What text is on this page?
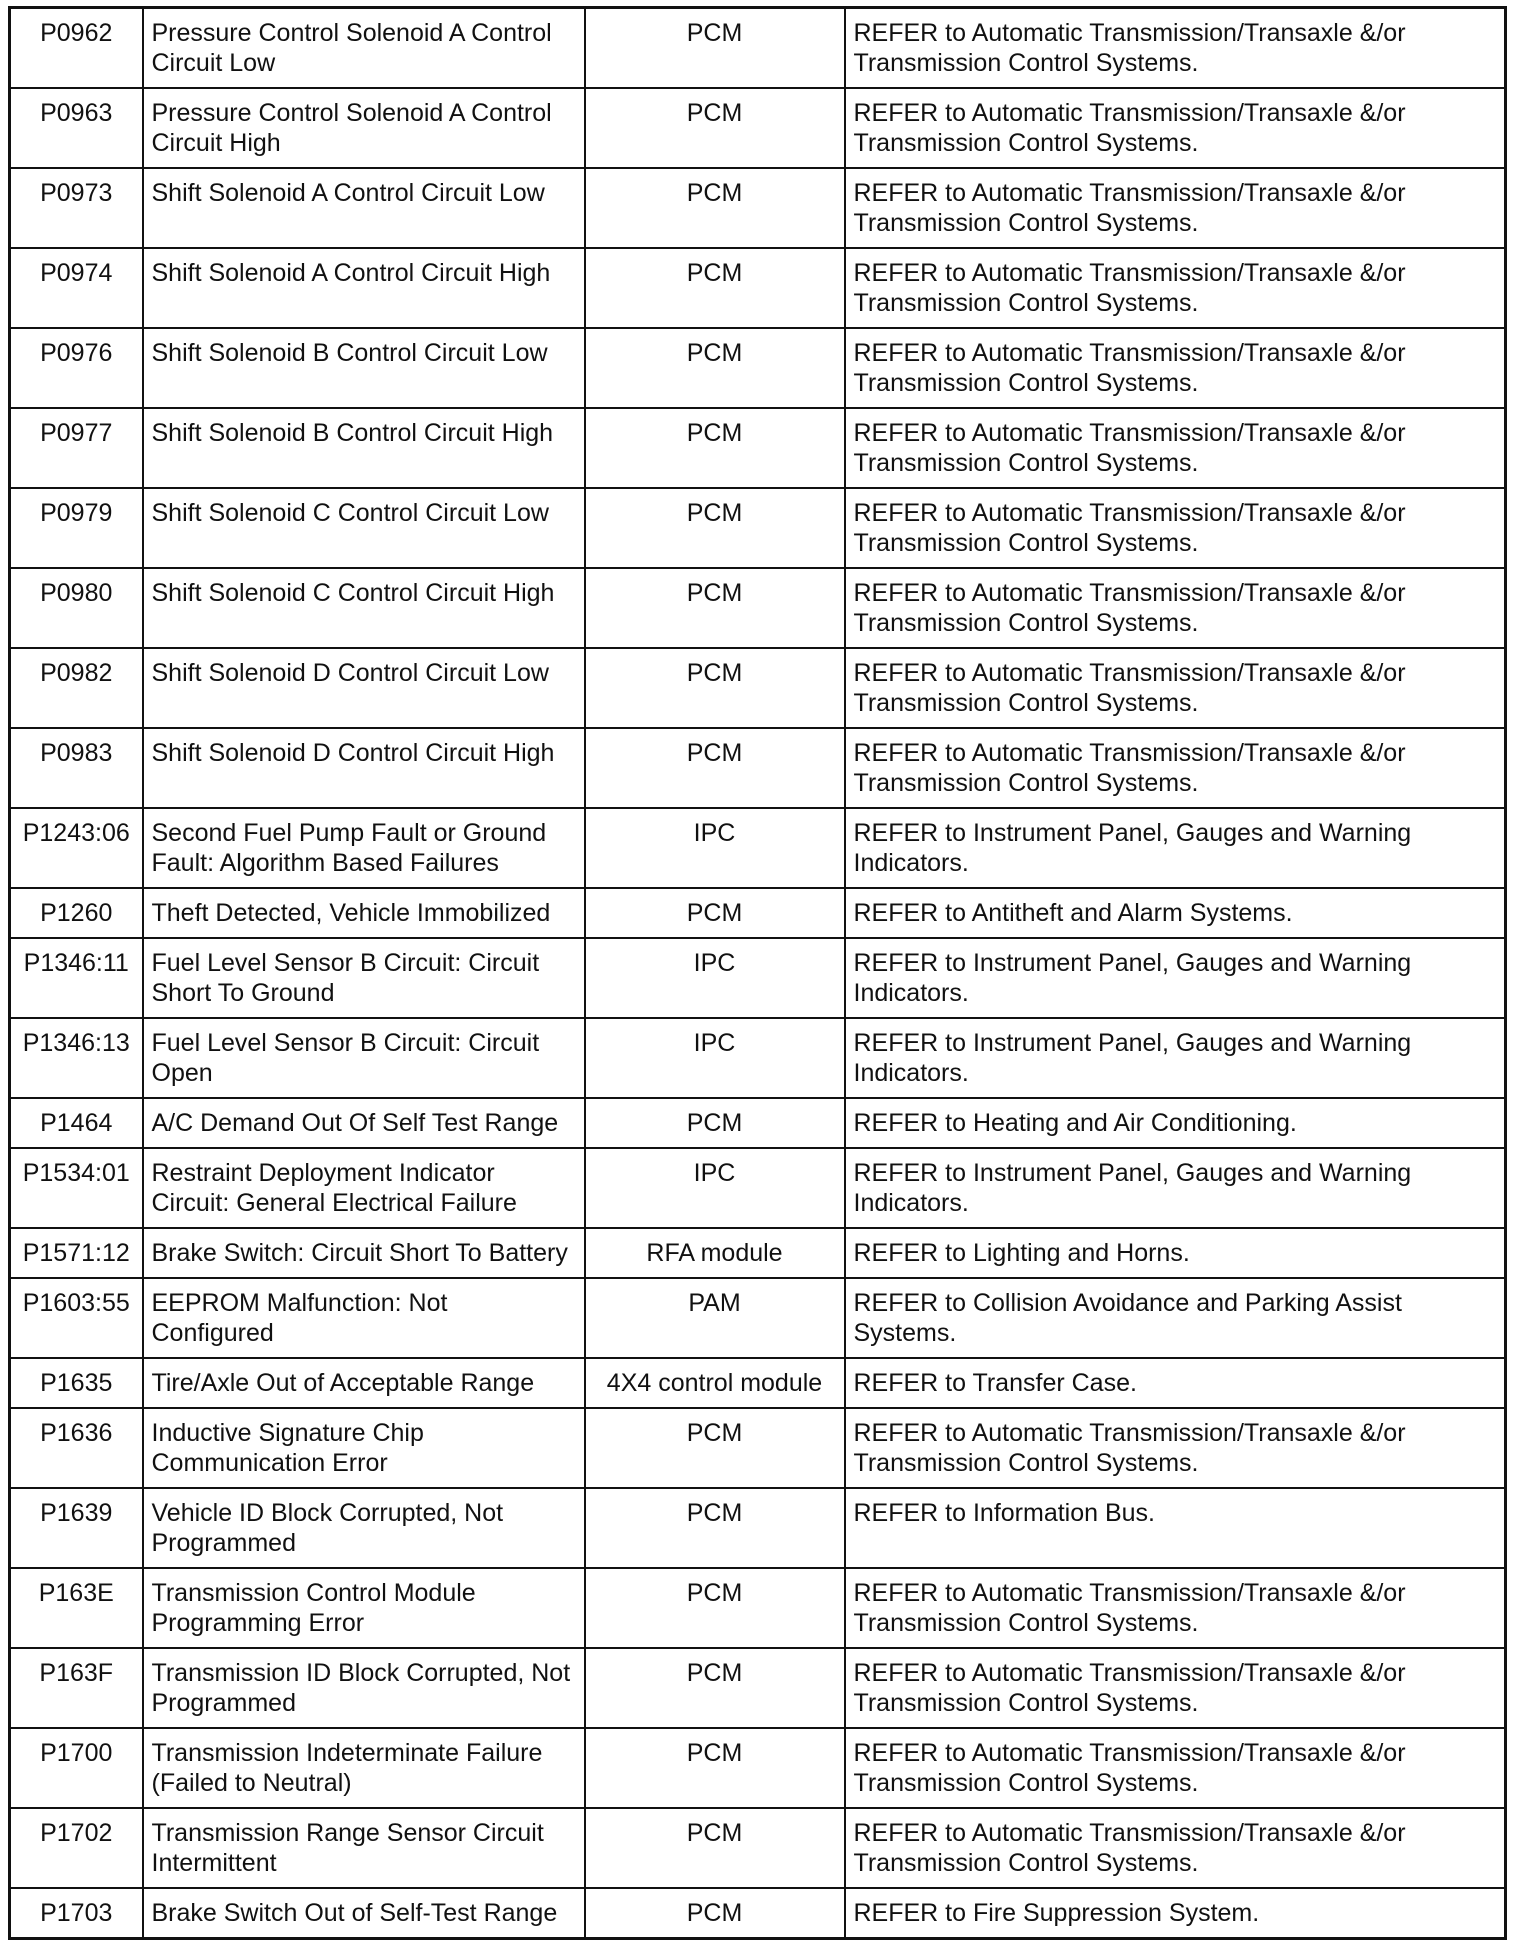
P0962	Pressure Control Solenoid A Control Circuit Low	PCM	REFER to Automatic Transmission/Transaxle &/or Transmission Control Systems.
P0963	Pressure Control Solenoid A Control Circuit High	PCM	REFER to Automatic Transmission/Transaxle &/or Transmission Control Systems.
P0973	Shift Solenoid A Control Circuit Low	PCM	REFER to Automatic Transmission/Transaxle &/or Transmission Control Systems.
P0974	Shift Solenoid A Control Circuit High	PCM	REFER to Automatic Transmission/Transaxle &/or Transmission Control Systems.
P0976	Shift Solenoid B Control Circuit Low	PCM	REFER to Automatic Transmission/Transaxle &/or Transmission Control Systems.
P0977	Shift Solenoid B Control Circuit High	PCM	REFER to Automatic Transmission/Transaxle &/or Transmission Control Systems.
P0979	Shift Solenoid C Control Circuit Low	PCM	REFER to Automatic Transmission/Transaxle &/or Transmission Control Systems.
P0980	Shift Solenoid C Control Circuit High	PCM	REFER to Automatic Transmission/Transaxle &/or Transmission Control Systems.
P0982	Shift Solenoid D Control Circuit Low	PCM	REFER to Automatic Transmission/Transaxle &/or Transmission Control Systems.
P0983	Shift Solenoid D Control Circuit High	PCM	REFER to Automatic Transmission/Transaxle &/or Transmission Control Systems.
P1243:06	Second Fuel Pump Fault or Ground Fault: Algorithm Based Failures	IPC	REFER to Instrument Panel, Gauges and Warning Indicators.
P1260	Theft Detected, Vehicle Immobilized	PCM	REFER to Antitheft and Alarm Systems.
P1346:11	Fuel Level Sensor B Circuit: Circuit Short To Ground	IPC	REFER to Instrument Panel, Gauges and Warning Indicators.
P1346:13	Fuel Level Sensor B Circuit: Circuit Open	IPC	REFER to Instrument Panel, Gauges and Warning Indicators.
P1464	A/C Demand Out Of Self Test Range	PCM	REFER to Heating and Air Conditioning.
P1534:01	Restraint Deployment Indicator Circuit: General Electrical Failure	IPC	REFER to Instrument Panel, Gauges and Warning Indicators.
P1571:12	Brake Switch: Circuit Short To Battery	RFA module	REFER to Lighting and Horns.
P1603:55	EEPROM Malfunction: Not Configured	PAM	REFER to Collision Avoidance and Parking Assist Systems.
P1635	Tire/Axle Out of Acceptable Range	4X4 control module	REFER to Transfer Case.
P1636	Inductive Signature Chip Communication Error	PCM	REFER to Automatic Transmission/Transaxle &/or Transmission Control Systems.
P1639	Vehicle ID Block Corrupted, Not Programmed	PCM	REFER to Information Bus.
P163E	Transmission Control Module Programming Error	PCM	REFER to Automatic Transmission/Transaxle &/or Transmission Control Systems.
P163F	Transmission ID Block Corrupted, Not Programmed	PCM	REFER to Automatic Transmission/Transaxle &/or Transmission Control Systems.
P1700	Transmission Indeterminate Failure (Failed to Neutral)	PCM	REFER to Automatic Transmission/Transaxle &/or Transmission Control Systems.
P1702	Transmission Range Sensor Circuit Intermittent	PCM	REFER to Automatic Transmission/Transaxle &/or Transmission Control Systems.
P1703	Brake Switch Out of Self-Test Range	PCM	REFER to Fire Suppression System.
